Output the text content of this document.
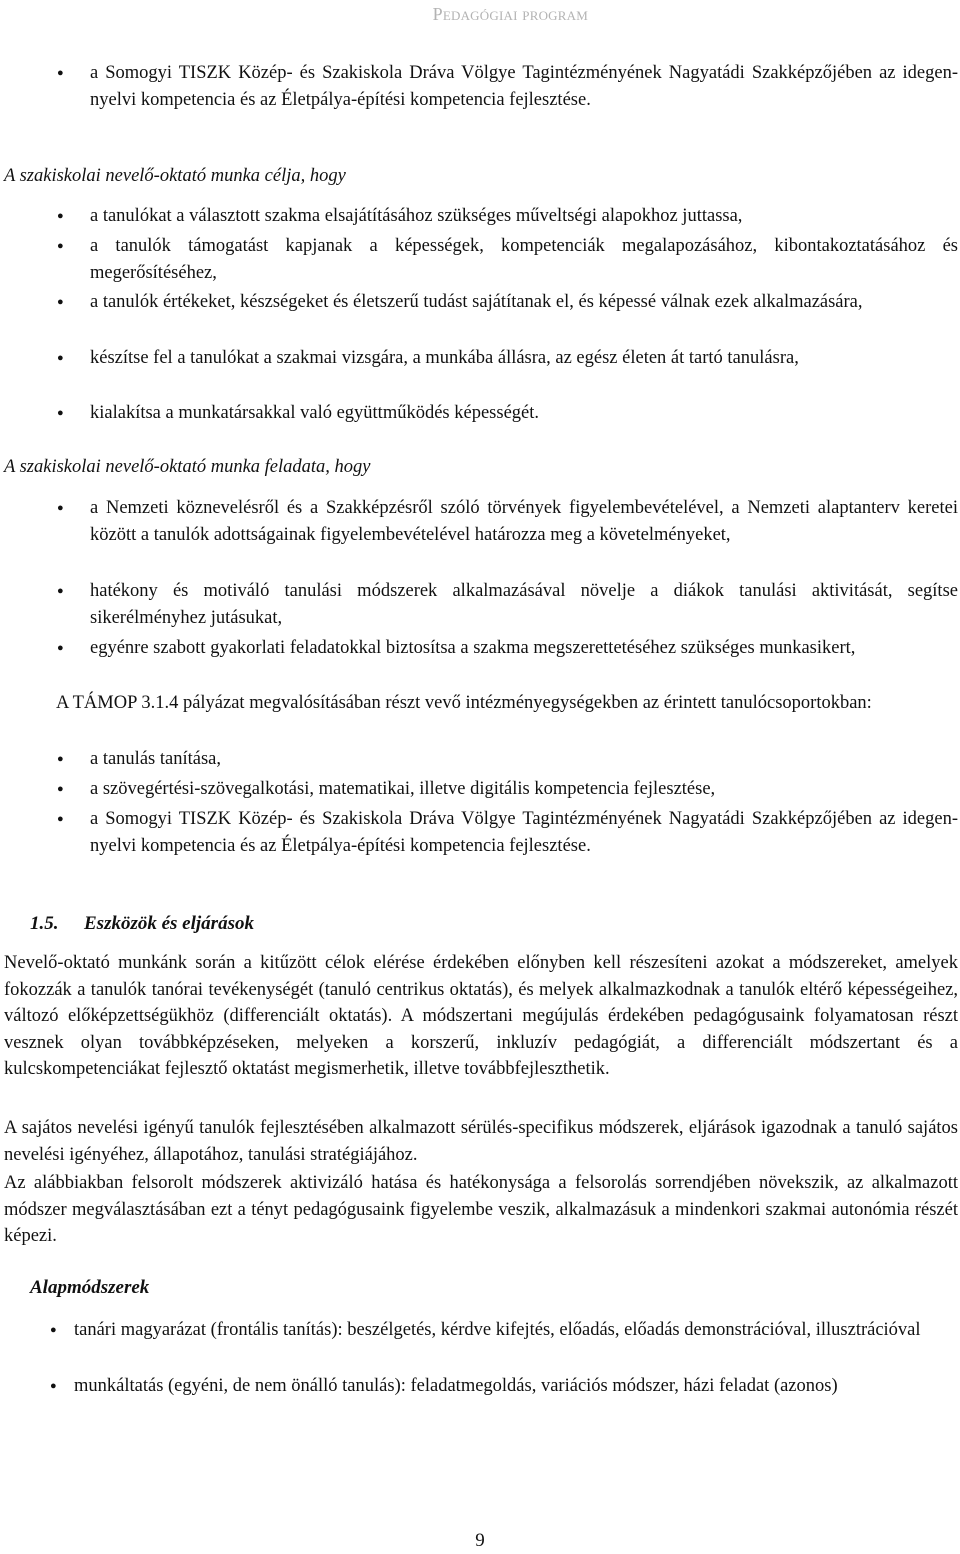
Pedagógiai program
● a Somogyi TISZK Közép- és Szakiskola Dráva Völgye Tagintézményének Nagyatádi Szakképzőjében az idegen-nyelvi kompetencia és az Életpálya-építési kompetencia fejlesztése.
A szakiskolai nevelő-oktató munka célja, hogy
● a tanulókat a választott szakma elsajátításához szükséges műveltségi alapokhoz juttassa,
● a tanulók támogatást kapjanak a képességek, kompetenciák megalapozásához, kibontakoztatásához és megerősítéséhez,
● a tanulók értékeket, készségeket és életszerű tudást sajátítanak el, és képessé válnak ezek alkalmazására,
● készítse fel a tanulókat a szakmai vizsgára, a munkába állásra, az egész életen át tartó tanulásra,
● kialakítsa a munkatársakkal való együttműködés képességét.
A szakiskolai nevelő-oktató munka feladata, hogy
● a Nemzeti köznevelésről és a Szakképzésről szóló törvények figyelembevételével, a Nemzeti alaptanterv keretei között a tanulók adottságainak figyelembevételével határozza meg a követelményeket,
● hatékony és motiváló tanulási módszerek alkalmazásával növelje a diákok tanulási aktivitását, segítse sikerélményhez jutásukat,
● egyénre szabott gyakorlati feladatokkal biztosítsa a szakma megszerettetéséhez szükséges munkasikert,
A TÁMOP 3.1.4 pályázat megvalósításában részt vevő intézményegységekben az érintett tanulócsoportokban:
● a tanulás tanítása,
● a szövegértési-szövegalkotási, matematikai, illetve digitális kompetencia fejlesztése,
● a Somogyi TISZK Közép- és Szakiskola Dráva Völgye Tagintézményének Nagyatádi Szakképzőjében az idegen-nyelvi kompetencia és az Életpálya-építési kompetencia fejlesztése.
1.5. Eszközök és eljárások
Nevelő-oktató munkánk során a kitűzött célok elérése érdekében előnyben kell részesíteni azokat a módszereket, amelyek fokozzák a tanulók tanórai tevékenységét (tanuló centrikus oktatás), és melyek alkalmazkodnak a tanulók eltérő képességeihez, változó előképzettségükhöz (differenciált oktatás). A módszertani megújulás érdekében pedagógusaink folyamatosan részt vesznek olyan továbbképzéseken, melyeken a korszerű, inkluzív pedagógiát, a differenciált módszertant és a kulcskompetenciákat fejlesztő oktatást megismerhetik, illetve továbbfejleszthetik.
A sajátos nevelési igényű tanulók fejlesztésében alkalmazott sérülés-specifikus módszerek, eljárások igazodnak a tanuló sajátos nevelési igényéhez, állapotához, tanulási stratégiájához.
Az alábbiakban felsorolt módszerek aktivizáló hatása és hatékonysága a felsorolás sorrendjében növekszik, az alkalmazott módszer megválasztásában ezt a tényt pedagógusaink figyelembe veszik, alkalmazásuk a mindenkori szakmai autonómia részét képezi.
Alapmódszerek
● tanári magyarázat (frontális tanítás): beszélgetés, kérdve kifejtés, előadás, előadás demonstrációval, illusztrációval
● munkáltatás (egyéni, de nem önálló tanulás): feladatmegoldás, variációs módszer, házi feladat (azonos)
9
